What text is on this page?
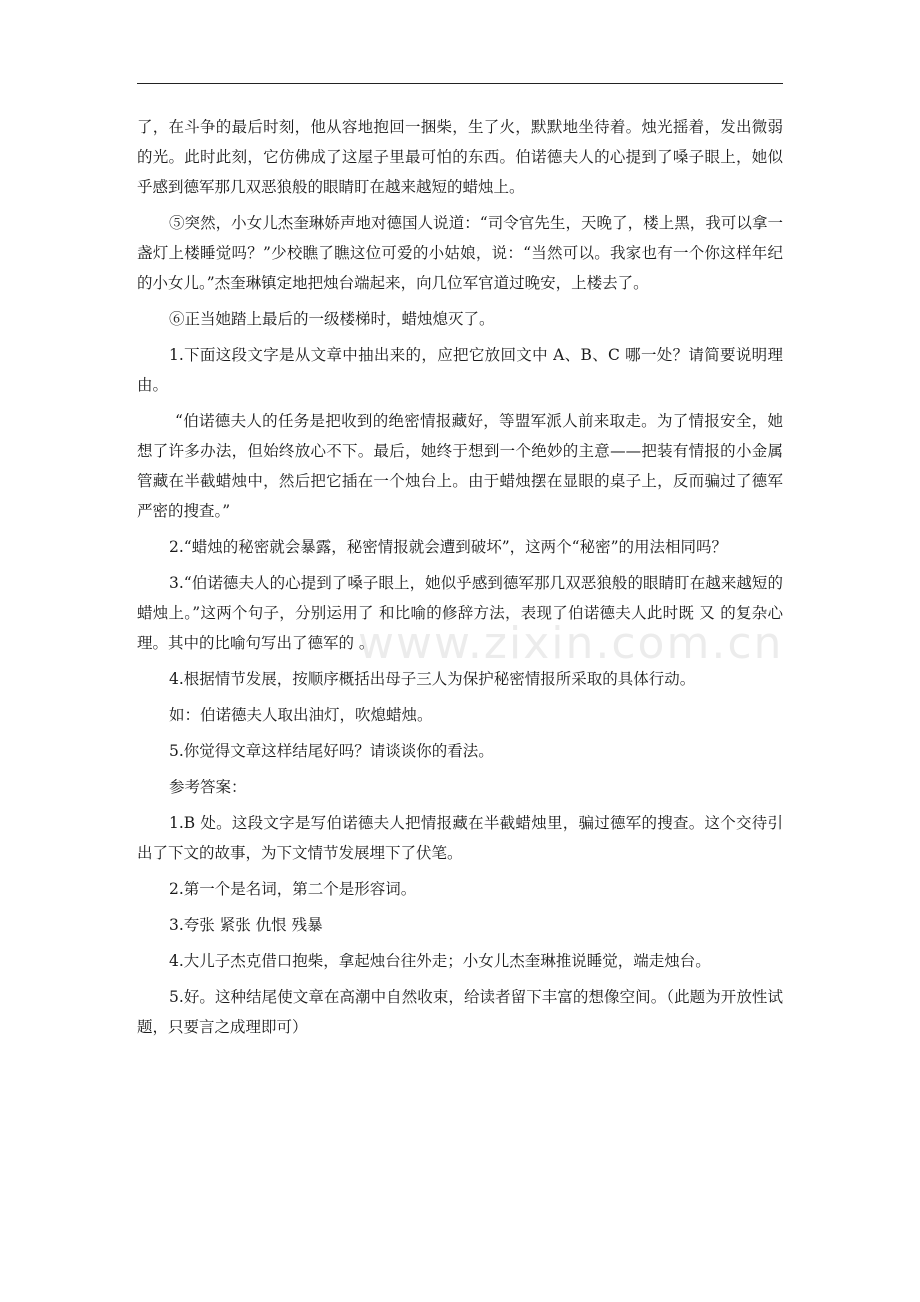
www.zixin.com.cn

了，在斗争的最后时刻，他从容地抱回一捆柴，生了火，默默地坐待着。烛光摇着，发出微弱的光。此时此刻，它仿佛成了这屋子里最可怕的东西。伯诺德夫人的心提到了嗓子眼上，她似乎感到德军那几双恶狼般的眼睛盯在越来越短的蜡烛上。

⑤突然，小女儿杰奎琳娇声地对德国人说道：“司令官先生，天晚了，楼上黑，我可以拿一盏灯上楼睡觉吗？”少校瞧了瞧这位可爱的小姑娘，说：“当然可以。我家也有一个你这样年纪的小女儿。”杰奎琳镇定地把烛台端起来，向几位军官道过晚安，上楼去了。

⑥正当她踏上最后的一级楼梯时，蜡烛熄灭了。

1.下面这段文字是从文章中抽出来的，应把它放回文中 A、B、C 哪一处？请简要说明理由。

“伯诺德夫人的任务是把收到的绝密情报藏好，等盟军派人前来取走。为了情报安全，她想了许多办法，但始终放心不下。最后，她终于想到一个绝妙的主意——把装有情报的小金属管藏在半截蜡烛中，然后把它插在一个烛台上。由于蜡烛摆在显眼的桌子上，反而骗过了德军严密的搜查。”

2.“蜡烛的秘密就会暴露，秘密情报就会遭到破坏”，这两个“秘密”的用法相同吗？

3.“伯诺德夫人的心提到了嗓子眼上，她似乎感到德军那几双恶狼般的眼睛盯在越来越短的蜡烛上。”这两个句子，分别运用了 和比喻的修辞方法，表现了伯诺德夫人此时既 又 的复杂心理。其中的比喻句写出了德军的 。

4.根据情节发展，按顺序概括出母子三人为保护秘密情报所采取的具体行动。

如：伯诺德夫人取出油灯，吹熄蜡烛。

5.你觉得文章这样结尾好吗？请谈谈你的看法。

参考答案：

1.B 处。这段文字是写伯诺德夫人把情报藏在半截蜡烛里，骗过德军的搜查。这个交待引出了下文的故事，为下文情节发展埋下了伏笔。

2.第一个是名词，第二个是形容词。

3.夸张 紧张 仇恨 残暴

4.大儿子杰克借口抱柴，拿起烛台往外走；小女儿杰奎琳推说睡觉，端走烛台。

5.好。这种结尾使文章在高潮中自然收束，给读者留下丰富的想像空间。（此题为开放性试题，只要言之成理即可）
